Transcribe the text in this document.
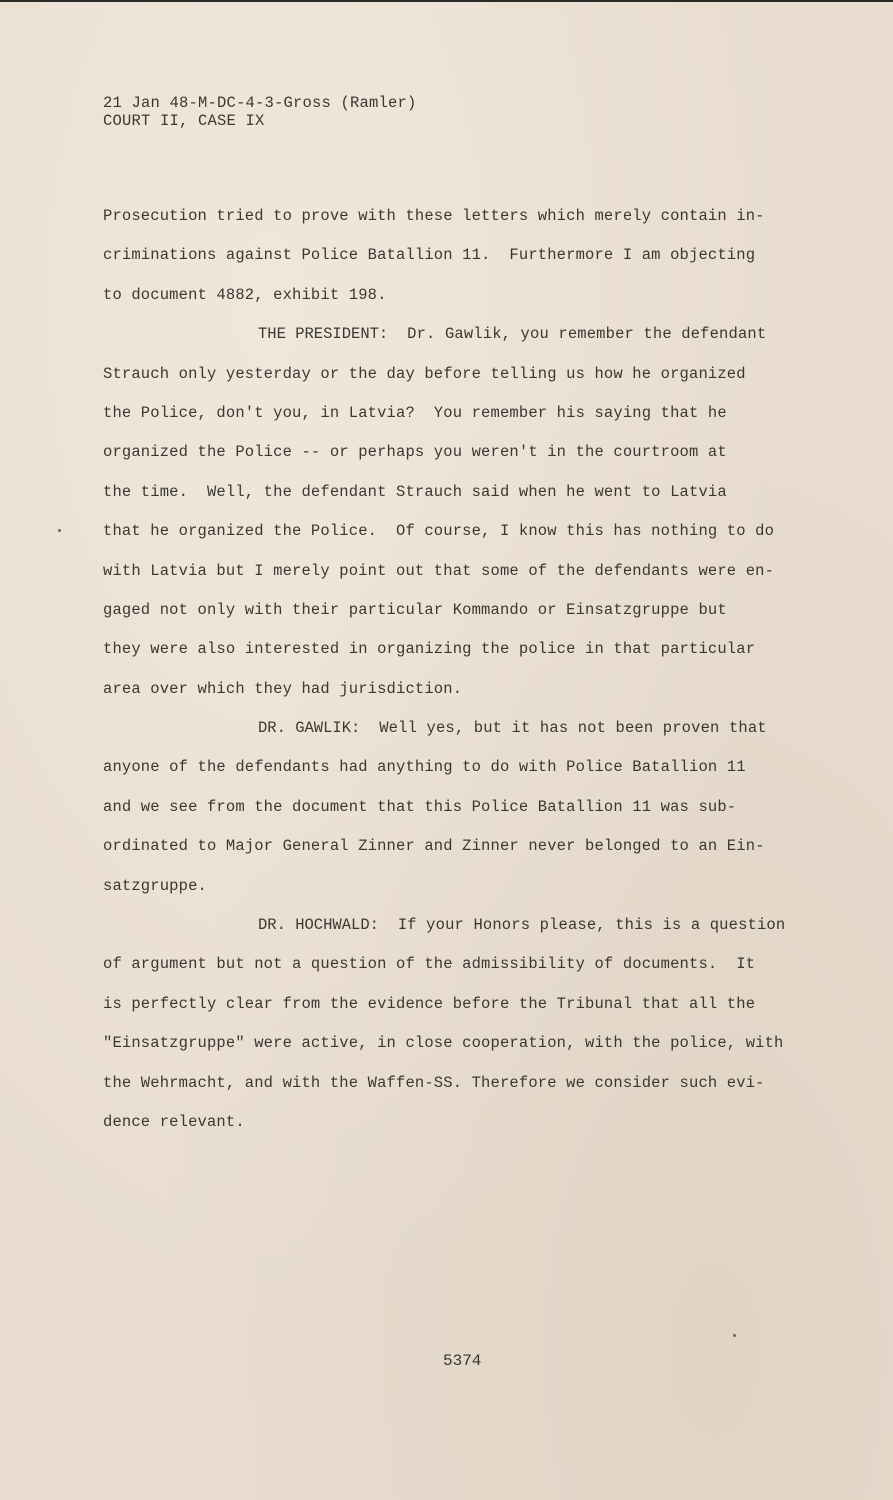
21 Jan 48-M-DC-4-3-Gross (Ramler)
COURT II, CASE IX
Prosecution tried to prove with these letters which merely contain in-
criminations against Police Batallion 11.  Furthermore I am objecting
to document 4882, exhibit 198.
THE PRESIDENT: Dr. Gawlik, you remember the defendant
Strauch only yesterday or the day before telling us how he organized
the Police, don't you, in Latvia?  You remember his saying that he
organized the Police -- or perhaps you weren't in the courtroom at
the time.  Well, the defendant Strauch said when he went to Latvia
that he organized the Police.  Of course, I know this has nothing to do
with Latvia but I merely point out that some of the defendants were en-
gaged not only with their particular Kommando or Einsatzgruppe but
they were also interested in organizing the police in that particular
area over which they had jurisdiction.
DR. GAWLIK: Well yes, but it has not been proven that
anyone of the defendants had anything to do with Police Batallion 11
and we see from the document that this Police Batallion 11 was sub-
ordinated to Major General Zinner and Zinner never belonged to an Ein-
satzgruppe.
DR. HOCHWALD: If your Honors please, this is a question
of argument but not a question of the admissibility of documents.  It
is perfectly clear from the evidence before the Tribunal that all the
"Einsatzgruppe" were active, in close cooperation, with the police, with
the Wehrmacht, and with the Waffen-SS. Therefore we consider such evi-
dence relevant.
5374
